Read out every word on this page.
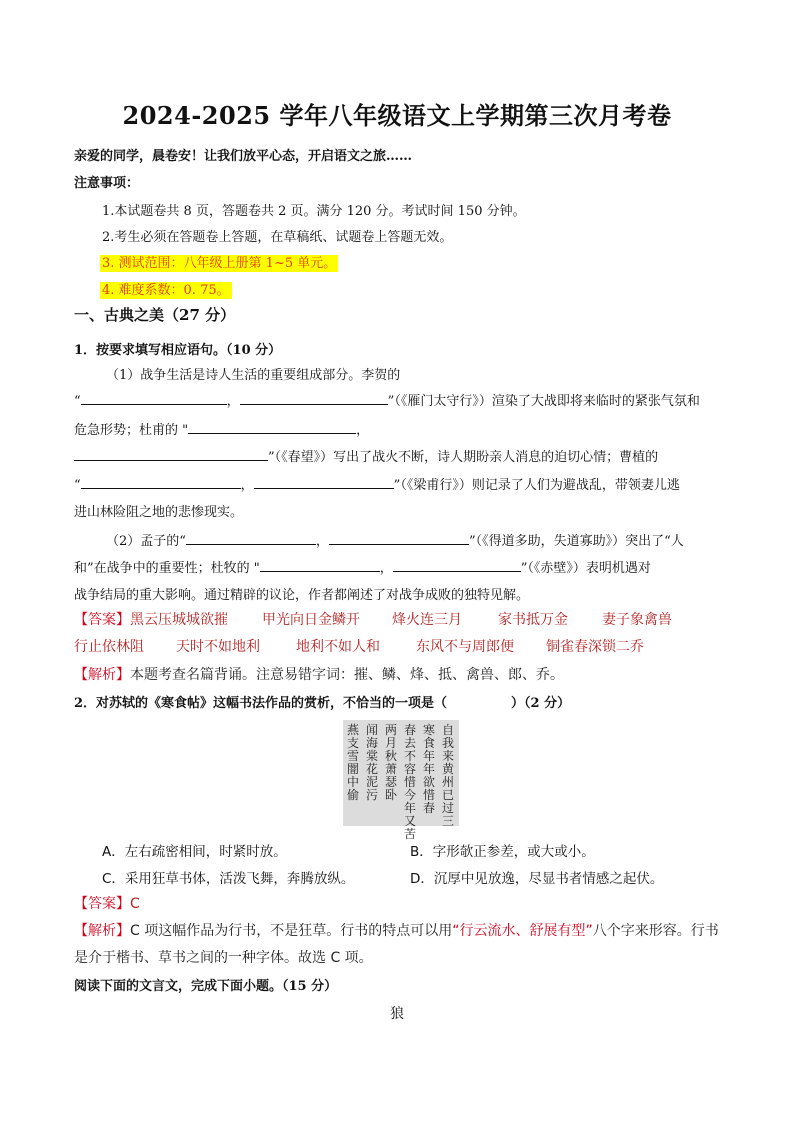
2024-2025 学年八年级语文上学期第三次月考卷
亲爱的同学，晨卷安！让我们放平心态，开启语文之旅……
注意事项：
1.本试题卷共 8 页，答题卷共 2 页。满分 120 分。考试时间 150 分钟。
2.考生必须在答题卷上答题，在草稿纸、试题卷上答题无效。
3. 测试范围：八年级上册第 1~5 单元。
4. 难度系数：0. 75。
一、古典之美（27 分）
1．按要求填写相应语句。（10 分）
（1）战争生活是诗人生活的重要组成部分。李贺的
“	，	”（《雁门太守行》）渲染了大战即将来临时的紧张气氛和
危急形势；杜甫的 "	，
”（《春望》）写出了战火不断，诗人期盼亲人消息的迫切心情；曹植的
“	，	”（《梁甫行》）则记录了人们为避战乱，带领妻儿逃
进山林险阻之地的悲惨现实。
（2）孟子的“	，	”（《得道多助，失道寡助》）突出了“人
和”在战争中的重要性；杜牧的 "	，	”（《赤壁》）表明机遇对
战争结局的重大影响。通过精辟的议论，作者都阐述了对战争成败的独特见解。
【答案】 黑云压城城欲摧 甲光向日金鳞开 烽火连三月	家书抵万金 妻子象禽兽
行止依林阻 天时不如地利	地利不如人和	东风不与周郎便 铜雀春深锁二乔
【解析】本题考查名篇背诵。注意易错字词：摧、鳞、烽、抵、禽兽、郎、乔。
2．对苏轼的《寒食帖》这幅书法作品的赏析，不恰当的一项是（	）（2 分）
自我来黄州已过三
寒食年年欲惜春
春去不容惜今年又苦
两月秋萧瑟卧
闻海棠花泥污
燕支雪闇中偷
A．左右疏密相间，时紧时放。	B．字形欹正参差，或大或小。
C．采用狂草书体，活泼飞舞，奔腾放纵。	D．沉厚中见放逸，尽显书者情感之起伏。
【答案】C
【解析】C 项这幅作品为行书，不是狂草。行书的特点可以用“行云流水、舒展有型”八个字来形容。行书
是介于楷书、草书之间的一种字体。故选 C 项。
阅读下面的文言文，完成下面小题。（15 分）
狼
